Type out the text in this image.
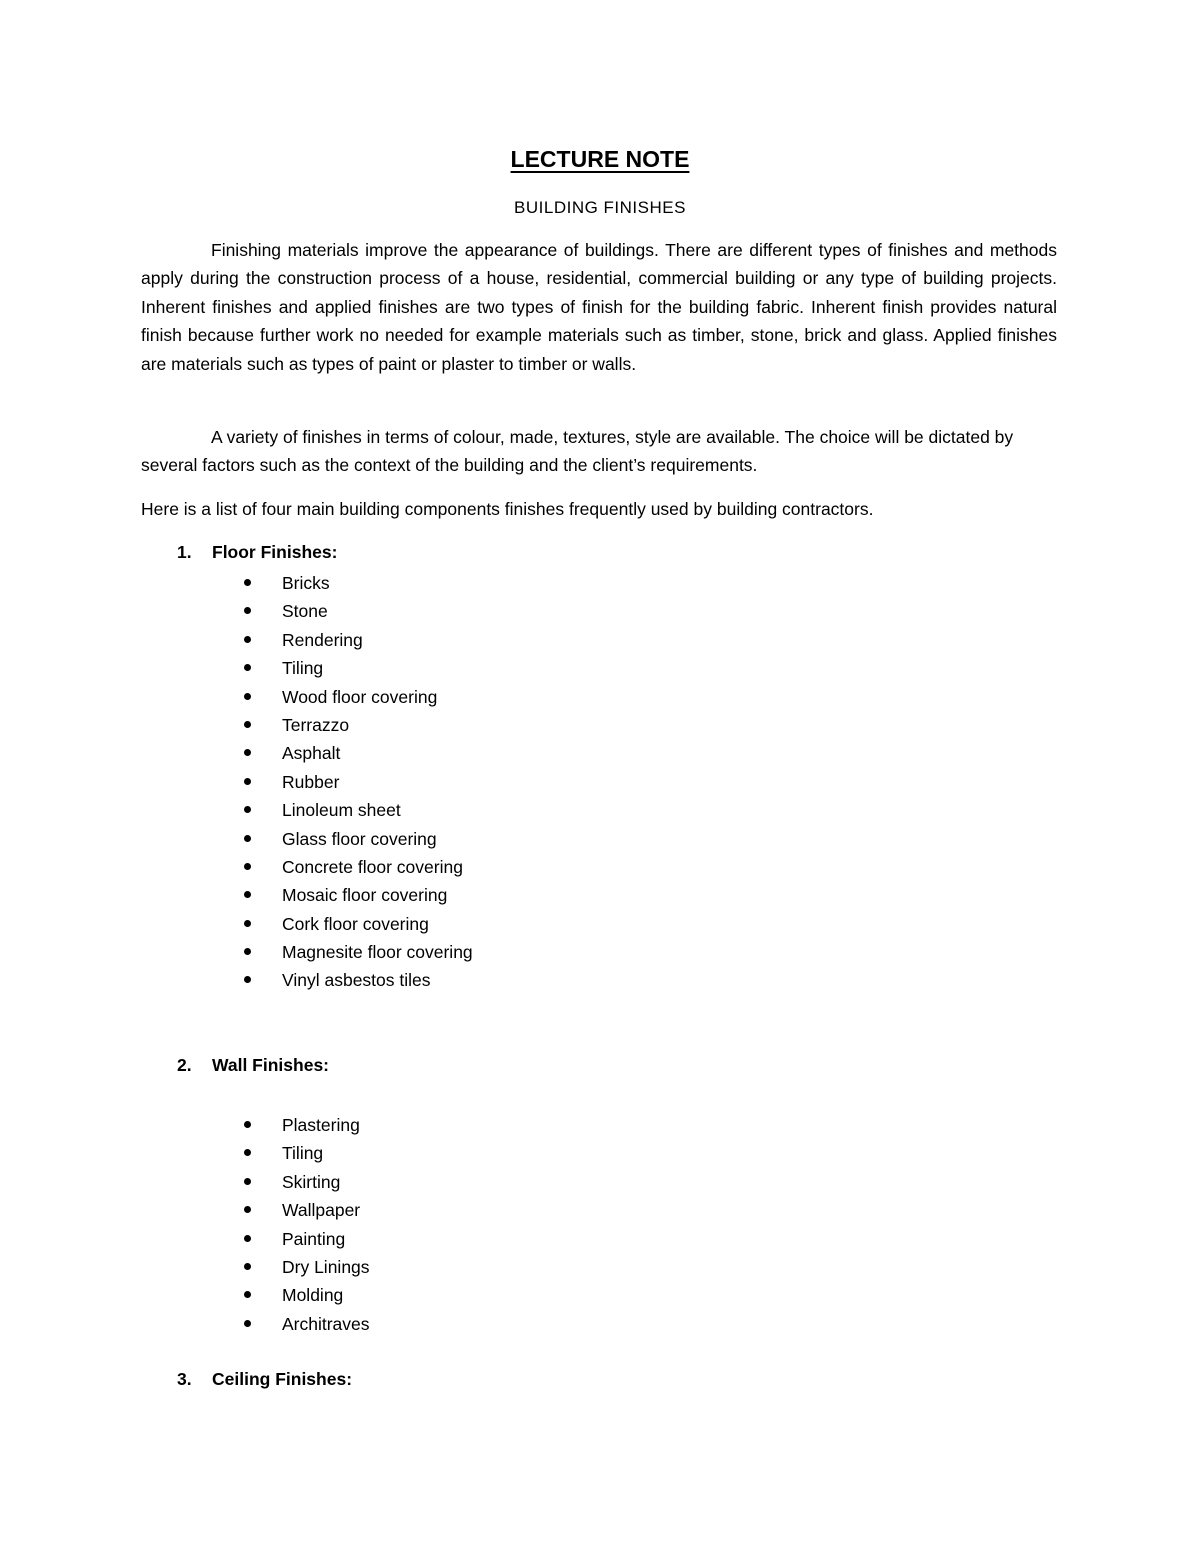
LECTURE NOTE
BUILDING FINISHES

Finishing materials improve the appearance of buildings. There are different types of finishes and methods apply during the construction process of a house, residential, commercial building or any type of building projects. Inherent finishes and applied finishes are two types of finish for the building fabric. Inherent finish provides natural finish because further work no needed for example materials such as timber, stone, brick and glass. Applied finishes are materials such as types of paint or plaster to timber or walls.

A variety of finishes in terms of colour, made, textures, style are available. The choice will be dictated by several factors such as the context of the building and the client’s requirements.

Here is a list of four main building components finishes frequently used by building contractors.

1. Floor Finishes:
Bricks
Stone
Rendering
Tiling
Wood floor covering
Terrazzo
Asphalt
Rubber
Linoleum sheet
Glass floor covering
Concrete floor covering
Mosaic floor covering
Cork floor covering
Magnesite floor covering
Vinyl asbestos tiles
2. Wall Finishes:
Plastering
Tiling
Skirting
Wallpaper
Painting
Dry Linings
Molding
Architraves
3. Ceiling Finishes:
